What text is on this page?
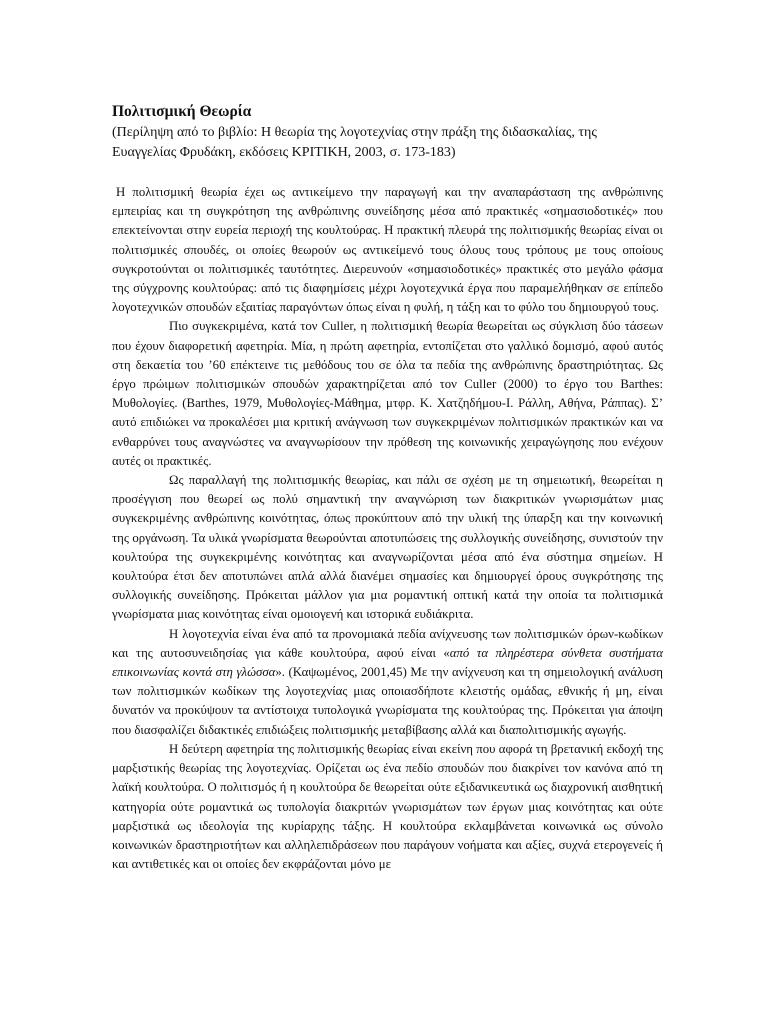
Πολιτισμική Θεωρία

(Περίληψη από το βιβλίο: Η θεωρία της λογοτεχνίας στην πράξη της διδασκαλίας, της Ευαγγελίας Φρυδάκη, εκδόσεις ΚΡΙΤΙΚΗ, 2003, σ. 173-183)

Η πολιτισμική θεωρία έχει ως αντικείμενο την παραγωγή και την αναπαράσταση της ανθρώπινης εμπειρίας και τη συγκρότηση της ανθρώπινης συνείδησης μέσα από πρακτικές «σημασιοδοτικές» που επεκτείνονται στην ευρεία περιοχή της κουλτούρας. Η πρακτική πλευρά της πολιτισμικής θεωρίας είναι οι πολιτισμικές σπουδές, οι οποίες θεωρούν ως αντικείμενό τους όλους τους τρόπους με τους οποίους συγκροτούνται οι πολιτισμικές ταυτότητες. Διερευνούν «σημασιοδοτικές» πρακτικές στο μεγάλο φάσμα της σύγχρονης κουλτούρας: από τις διαφημίσεις μέχρι λογοτεχνικά έργα που παραμελήθηκαν σε επίπεδο λογοτεχνικών σπουδών εξαιτίας παραγόντων όπως είναι η φυλή, η τάξη και το φύλο του δημιουργού τους.

Πιο συγκεκριμένα, κατά τον Culler, η πολιτισμική θεωρία θεωρείται ως σύγκλιση δύο τάσεων που έχουν διαφορετική αφετηρία. Μία, η πρώτη αφετηρία, εντοπίζεται στο γαλλικό δομισμό, αφού αυτός στη δεκαετία του ’60 επέκτεινε τις μεθόδους του σε όλα τα πεδία της ανθρώπινης δραστηριότητας. Ως έργο πρώιμων πολιτισμικών σπουδών χαρακτηρίζεται από τον Culler (2000) το έργο του Barthes: Μυθολογίες. (Barthes, 1979, Μυθολογίες-Μάθημα, μτφρ. Κ. Χατζηδήμου-Ι. Ράλλη, Αθήνα, Ράππας). Σ’ αυτό επιδιώκει να προκαλέσει μια κριτική ανάγνωση των συγκεκριμένων πολιτισμικών πρακτικών και να ενθαρρύνει τους αναγνώστες να αναγνωρίσουν την πρόθεση της κοινωνικής χειραγώγησης που ενέχουν αυτές οι πρακτικές.

Ως παραλλαγή της πολιτισμικής θεωρίας, και πάλι σε σχέση με τη σημειωτική, θεωρείται η προσέγγιση που θεωρεί ως πολύ σημαντική την αναγνώριση των διακριτικών γνωρισμάτων μιας συγκεκριμένης ανθρώπινης κοινότητας, όπως προκύπτουν από την υλική της ύπαρξη και την κοινωνική της οργάνωση. Τα υλικά γνωρίσματα θεωρούνται αποτυπώσεις της συλλογικής συνείδησης, συνιστούν την κουλτούρα της συγκεκριμένης κοινότητας και αναγνωρίζονται μέσα από ένα σύστημα σημείων. Η κουλτούρα έτσι δεν αποτυπώνει απλά αλλά διανέμει σημασίες και δημιουργεί όρους συγκρότησης της συλλογικής συνείδησης. Πρόκειται μάλλον για μια ρομαντική οπτική κατά την οποία τα πολιτισμικά γνωρίσματα μιας κοινότητας είναι ομοιογενή και ιστορικά ευδιάκριτα.

Η λογοτεχνία είναι ένα από τα προνομιακά πεδία ανίχνευσης των πολιτισμικών όρων-κωδίκων και της αυτοσυνειδησίας για κάθε κουλτούρα, αφού είναι «από τα πληρέστερα σύνθετα συστήματα επικοινωνίας κοντά στη γλώσσα». (Καψωμένος, 2001,45) Με την ανίχνευση και τη σημειολογική ανάλυση των πολιτισμικών κωδίκων της λογοτεχνίας μιας οποιασδήποτε κλειστής ομάδας, εθνικής ή μη, είναι δυνατόν να προκύψουν τα αντίστοιχα τυπολογικά γνωρίσματα της κουλτούρας της. Πρόκειται για άποψη που διασφαλίζει διδακτικές επιδιώξεις πολιτισμικής μεταβίβασης αλλά και διαπολιτισμικής αγωγής.

Η δεύτερη αφετηρία της πολιτισμικής θεωρίας είναι εκείνη που αφορά τη βρετανική εκδοχή της μαρξιστικής θεωρίας της λογοτεχνίας. Ορίζεται ως ένα πεδίο σπουδών που διακρίνει τον κανόνα από τη λαϊκή κουλτούρα. Ο πολιτισμός ή η κουλτούρα δε θεωρείται ούτε εξιδανικευτικά ως διαχρονική αισθητική κατηγορία ούτε ρομαντικά ως τυπολογία διακριτών γνωρισμάτων των έργων μιας κοινότητας και ούτε μαρξιστικά ως ιδεολογία της κυρίαρχης τάξης. Η κουλτούρα εκλαμβάνεται κοινωνικά ως σύνολο κοινωνικών δραστηριοτήτων και αλληλεπιδράσεων που παράγουν νοήματα και αξίες, συχνά ετερογενείς ή και αντιθετικές και οι οποίες δεν εκφράζονται μόνο με
